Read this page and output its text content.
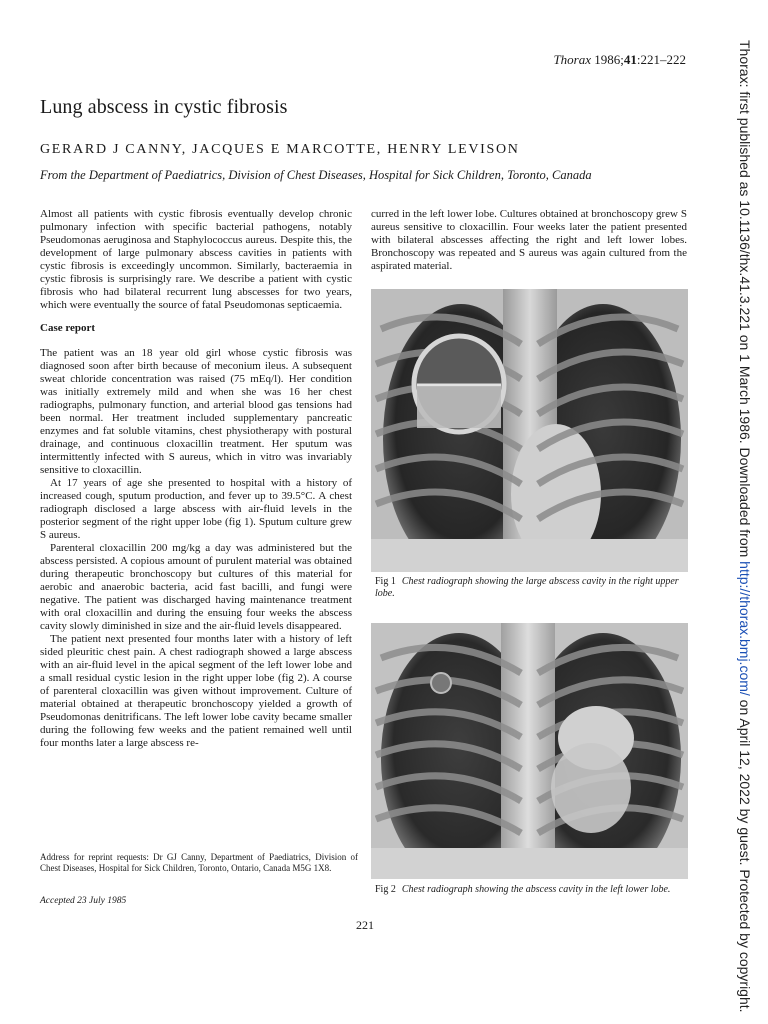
Thorax 1986;41:221–222
Lung abscess in cystic fibrosis
GERARD J CANNY, JACQUES E MARCOTTE, HENRY LEVISON
From the Department of Paediatrics, Division of Chest Diseases, Hospital for Sick Children, Toronto, Canada

Almost all patients with cystic fibrosis eventually develop chronic pulmonary infection with specific bacterial pathogens, notably Pseudomonas aeruginosa and Staphylococcus aureus. Despite this, the development of large pulmonary abscess cavities in patients with cystic fibrosis is exceedingly uncommon. Similarly, bacteraemia in cystic fibrosis is surprisingly rare. We describe a patient with cystic fibrosis who had bilateral recurrent lung abscesses for two years, which were eventually the source of fatal Pseudomonas septicaemia.

Case report

The patient was an 18 year old girl whose cystic fibrosis was diagnosed soon after birth because of meconium ileus. A subsequent sweat chloride concentration was raised (75 mEq/l). Her condition was initially extremely mild and when she was 16 her chest radiographs, pulmonary function, and arterial blood gas tensions had been normal. Her treatment included supplementary pancreatic enzymes and fat soluble vitamins, chest physiotherapy with postural drainage, and continuous cloxacillin treatment. Her sputum was intermittently infected with S aureus, which in vitro was invariably sensitive to cloxacillin.

At 17 years of age she presented to hospital with a history of increased cough, sputum production, and fever up to 39.5°C. A chest radiograph disclosed a large abscess with air-fluid levels in the posterior segment of the right upper lobe (fig 1). Sputum culture grew S aureus.

Parenteral cloxacillin 200 mg/kg a day was administered but the abscess persisted. A copious amount of purulent material was obtained during therapeutic bronchoscopy but cultures of this material for aerobic and anaerobic bacteria, acid fast bacilli, and fungi were negative. The patient was discharged having maintenance treatment with oral cloxacillin and during the ensuing four weeks the abscess cavity slowly diminished in size and the air-fluid levels disappeared.

The patient next presented four months later with a history of left sided pleuritic chest pain. A chest radiograph showed a large abscess with an air-fluid level in the apical segment of the left lower lobe and a small residual cystic lesion in the right upper lobe (fig 2). A course of parenteral cloxacillin was given without improvement. Culture of material obtained at therapeutic bronchoscopy yielded a growth of Pseudomonas denitrificans. The left lower lobe cavity became smaller during the following few weeks and the patient remained well until four months later a large abscess re-

curred in the left lower lobe. Cultures obtained at bronchoscopy grew S aureus sensitive to cloxacillin. Four weeks later the patient presented with bilateral abscesses affecting the right and left lower lobes. Bronchoscopy was repeated and S aureus was again cultured from the aspirated material.

Fig 1 Chest radiograph showing the large abscess cavity in the right upper lobe.
Fig 2 Chest radiograph showing the abscess cavity in the left lower lobe.
Address for reprint requests: Dr GJ Canny, Department of Paediatrics, Division of Chest Diseases, Hospital for Sick Children, Toronto, Ontario, Canada M5G 1X8.
Accepted 23 July 1985
221
Thorax: first published as 10.1136/thx.41.3.221 on 1 March 1986. Downloaded from http://thorax.bmj.com/ on April 12, 2022 by guest. Protected by copyright.
